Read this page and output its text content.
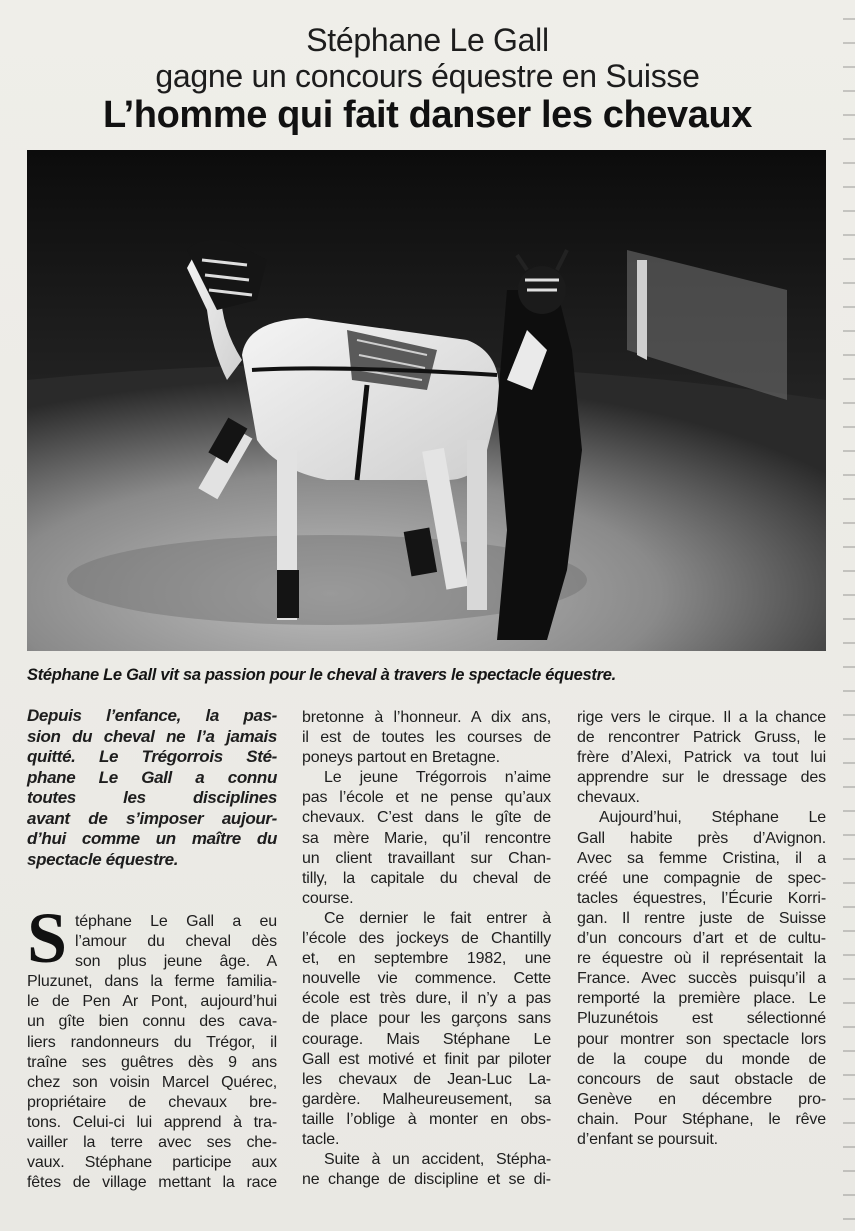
Stéphane Le Gall
gagne un concours équestre en Suisse
L’homme qui fait danser les chevaux
Stéphane Le Gall vit sa passion pour le cheval à travers le spectacle équestre.
Depuis l’enfance, la pas-
sion du cheval ne l’a jamais
quitté. Le Trégorrois Sté-
phane Le Gall a connu
toutes les disciplines
avant de s’imposer aujour-
d’hui comme un maître du
spectacle équestre.
S téphane Le Gall a eu
l’amour du cheval dès
son plus jeune âge. A
Pluzunet, dans la ferme familia-
le de Pen Ar Pont, aujourd’hui
un gîte bien connu des cava-
liers randonneurs du Trégor, il
traîne ses guêtres dès 9 ans
chez son voisin Marcel Quérec,
propriétaire de chevaux bre-
tons. Celui-ci lui apprend à tra-
vailler la terre avec ses che-
vaux. Stéphane participe aux
fêtes de village mettant la race
bretonne à l’honneur. A dix ans,
il est de toutes les courses de
poneys partout en Bretagne.
Le jeune Trégorrois n’aime
pas l’école et ne pense qu’aux
chevaux. C’est dans le gîte de
sa mère Marie, qu’il rencontre
un client travaillant sur Chan-
tilly, la capitale du cheval de
course.
Ce dernier le fait entrer à
l’école des jockeys de Chantilly
et, en septembre 1982, une
nouvelle vie commence. Cette
école est très dure, il n’y a pas
de place pour les garçons sans
courage. Mais Stéphane Le
Gall est motivé et finit par piloter
les chevaux de Jean-Luc La-
gardère. Malheureusement, sa
taille l’oblige à monter en obs-
tacle.
Suite à un accident, Stépha-
ne change de discipline et se di-
rige vers le cirque. Il a la chance
de rencontrer Patrick Gruss, le
frère d’Alexi, Patrick va tout lui
apprendre sur le dressage des
chevaux.
Aujourd’hui, Stéphane Le
Gall habite près d’Avignon.
Avec sa femme Cristina, il a
créé une compagnie de spec-
tacles équestres, l’Écurie Korri-
gan. Il rentre juste de Suisse
d’un concours d’art et de cultu-
re équestre où il représentait la
France. Avec succès puisqu’il a
remporté la première place. Le
Pluzunétois est sélectionné
pour montrer son spectacle lors
de la coupe du monde de
concours de saut obstacle de
Genève en décembre pro-
chain. Pour Stéphane, le rêve
d’enfant se poursuit.
